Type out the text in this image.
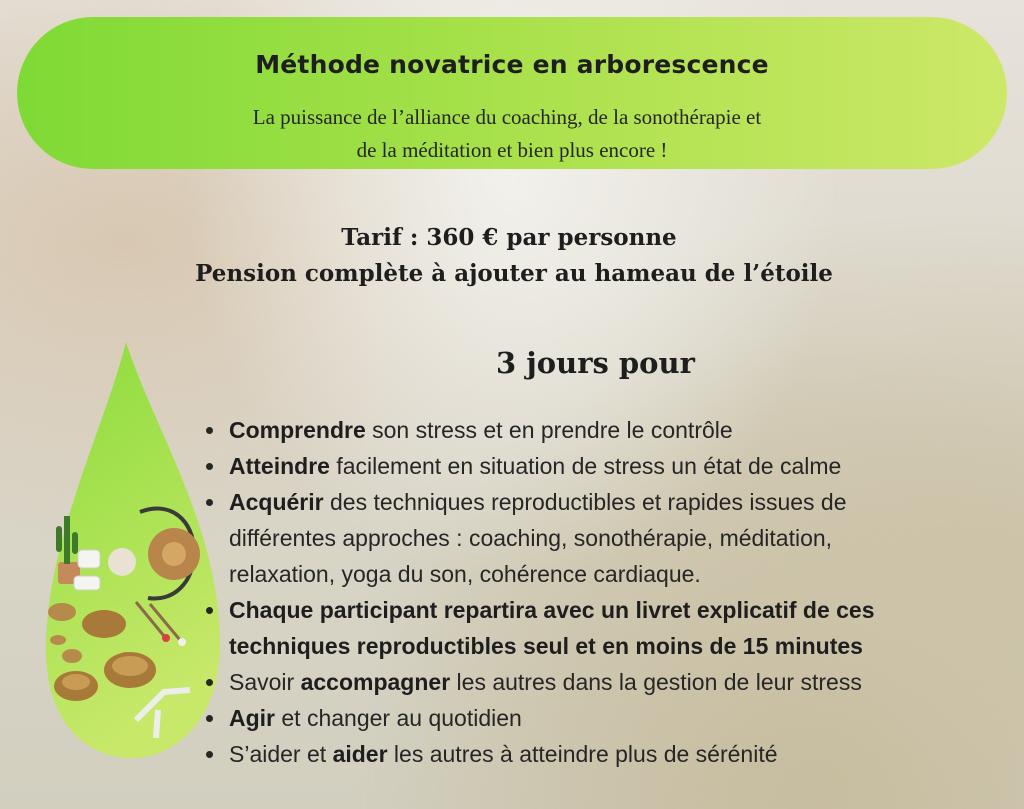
Méthode novatrice en arborescence
La puissance de l’alliance du coaching, de la sonothérapie et
de la méditation et bien plus encore !
Tarif : 360 € par personne
Pension complète à ajouter au hameau de l’étoile
3 jours pour
Comprendre son stress et en prendre le contrôle
Atteindre facilement en situation de stress un état de calme
Acquérir des techniques reproductibles et rapides issues de
différentes approches : coaching, sonothérapie, méditation,
relaxation, yoga du son, cohérence cardiaque.
Chaque participant repartira avec un livret explicatif de ces
techniques reproductibles seul et en moins de 15 minutes
Savoir accompagner les autres dans la gestion de leur stress
Agir et changer au quotidien
S’aider et aider les autres à atteindre plus de sérénité
